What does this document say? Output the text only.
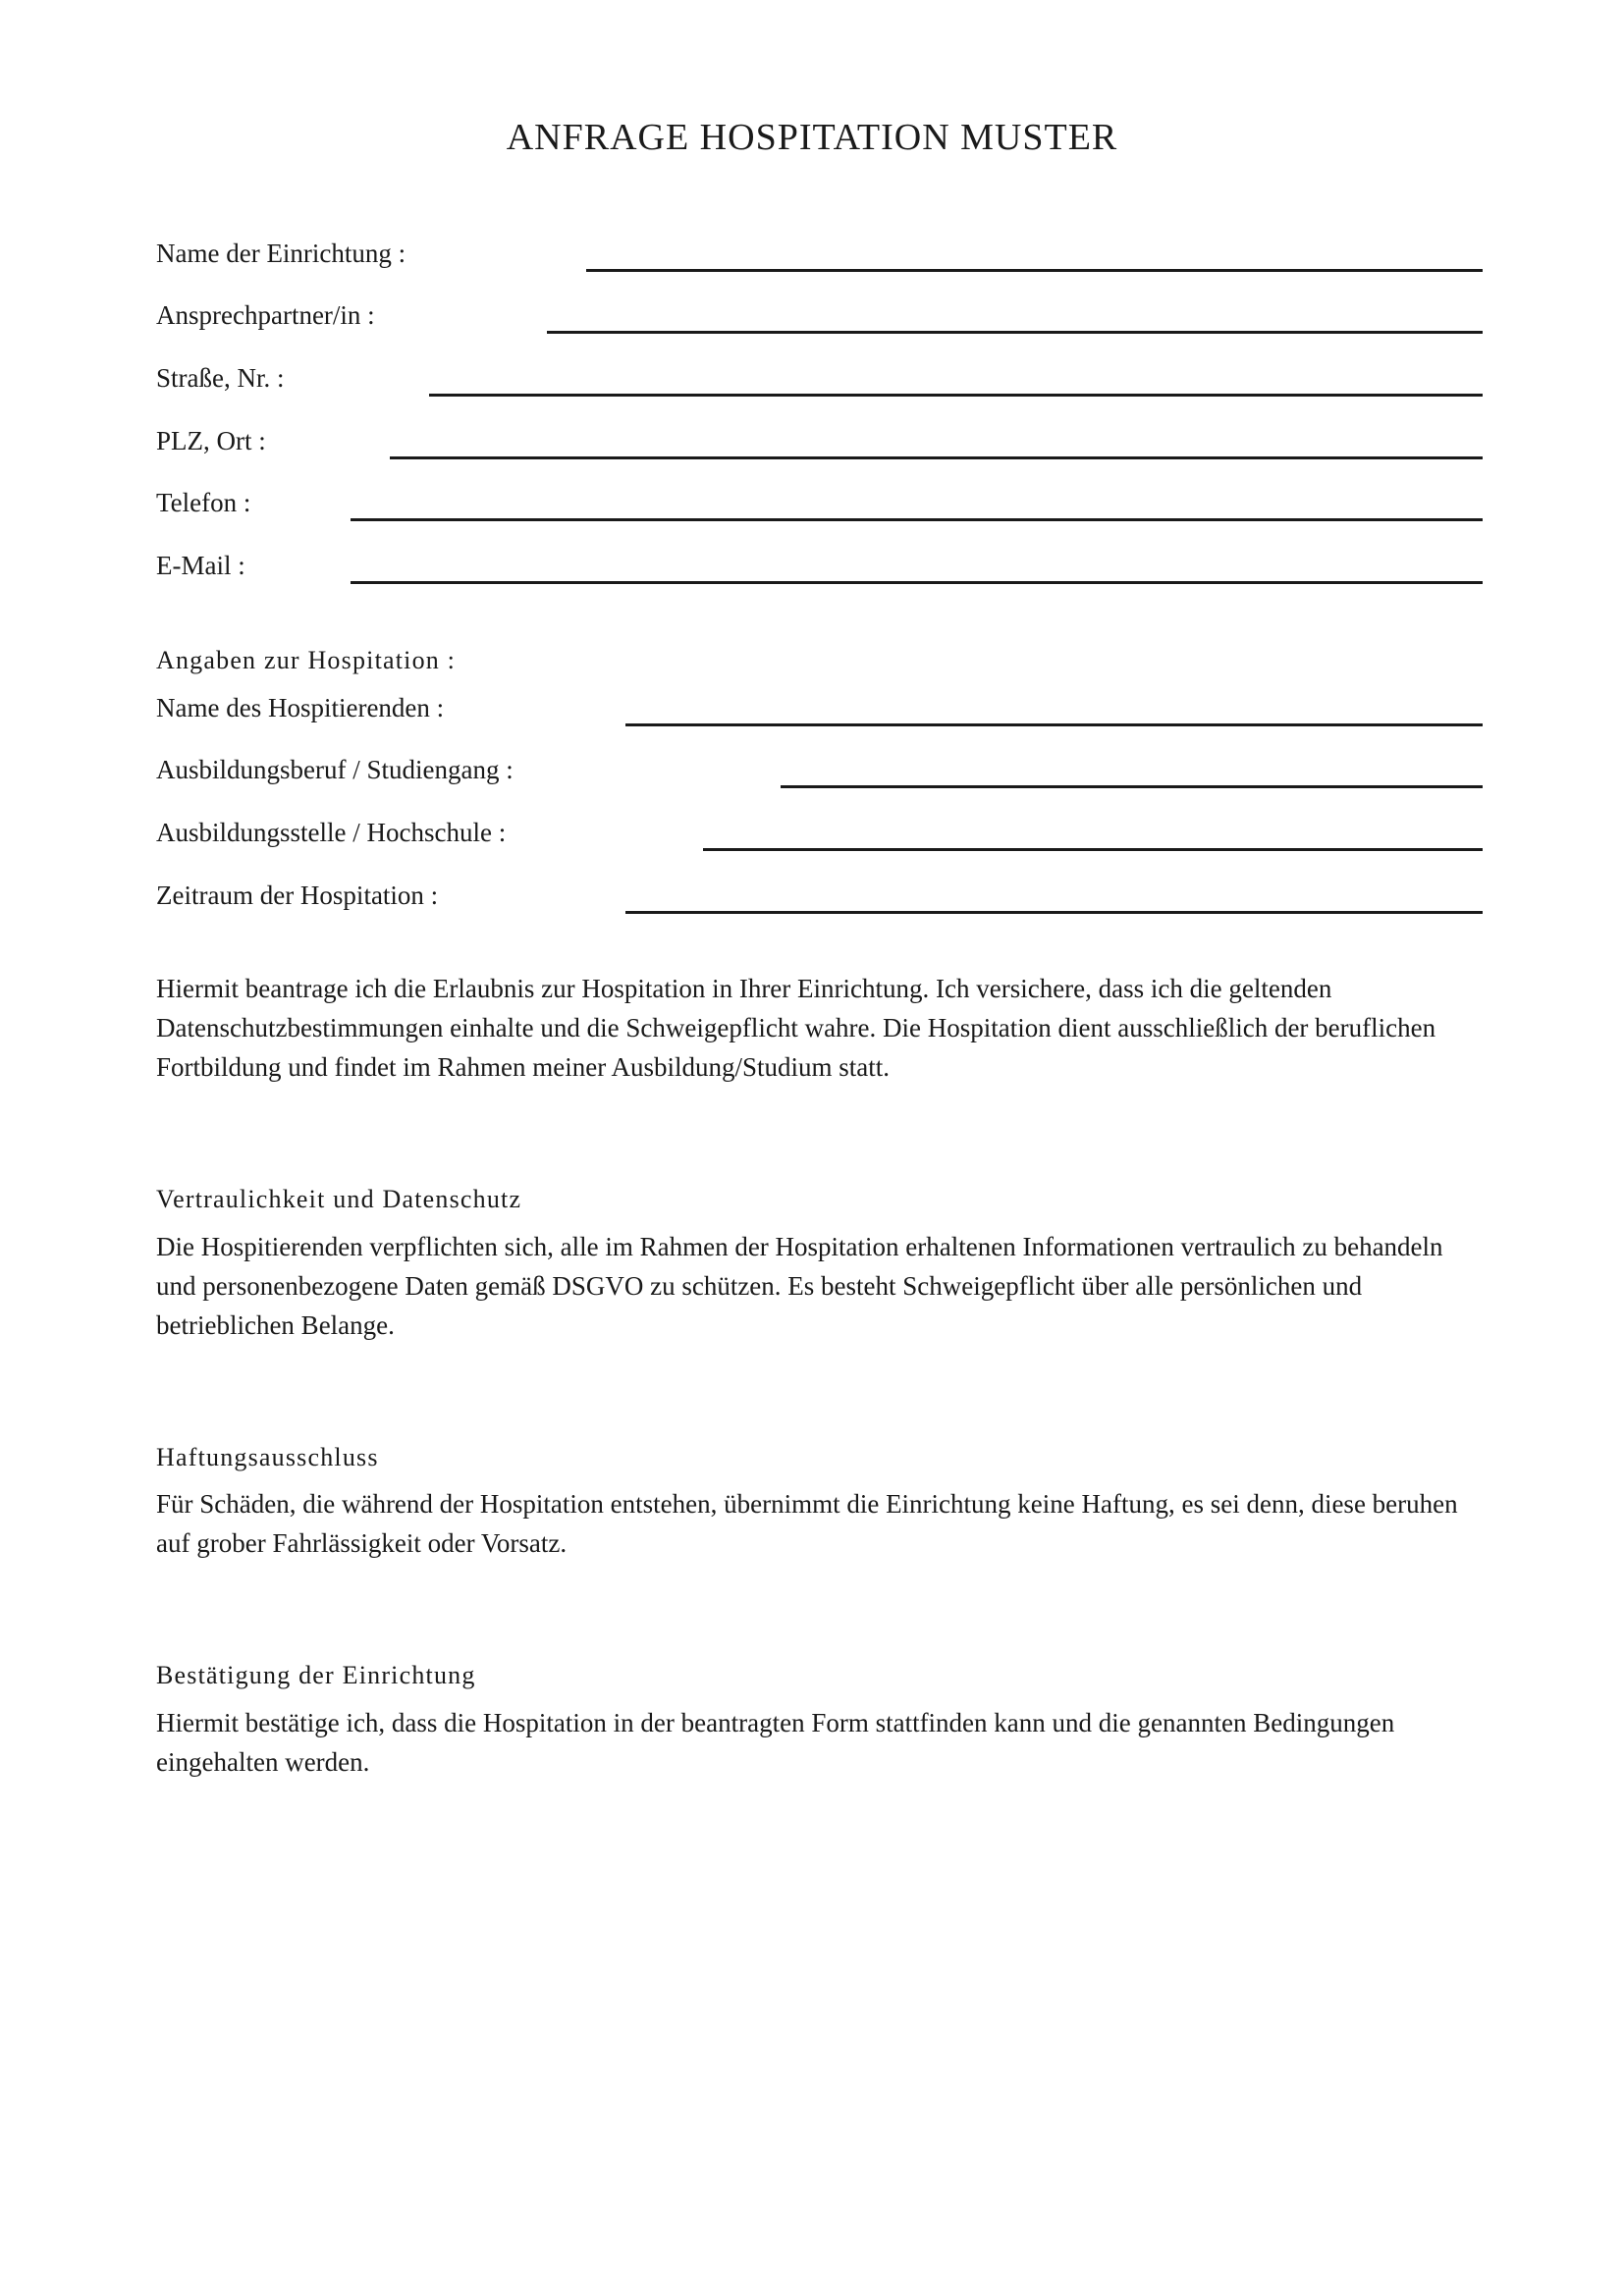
ANFRAGE HOSPITATION MUSTER
Name der Einrichtung :
Ansprechpartner/in :
Straße, Nr. :
PLZ, Ort :
Telefon :
E-Mail :
Angaben zur Hospitation :
Name des Hospitierenden :
Ausbildungsberuf / Studiengang :
Ausbildungsstelle / Hochschule :
Zeitraum der Hospitation :

Hiermit beantrage ich die Erlaubnis zur Hospitation in Ihrer Einrichtung. Ich versichere, dass ich die geltenden Datenschutzbestimmungen einhalte und die Schweigepflicht wahre. Die Hospitation dient ausschließlich der beruflichen Fortbildung und findet im Rahmen meiner Ausbildung/Studium statt.

Vertraulichkeit und Datenschutz

Die Hospitierenden verpflichten sich, alle im Rahmen der Hospitation erhaltenen Informationen vertraulich zu behandeln und personenbezogene Daten gemäß DSGVO zu schützen. Es besteht Schweigepflicht über alle persönlichen und betrieblichen Belange.

Haftungsausschluss

Für Schäden, die während der Hospitation entstehen, übernimmt die Einrichtung keine Haftung, es sei denn, diese beruhen auf grober Fahrlässigkeit oder Vorsatz.

Bestätigung der Einrichtung

Hiermit bestätige ich, dass die Hospitation in der beantragten Form stattfinden kann und die genannten Bedingungen eingehalten werden.
